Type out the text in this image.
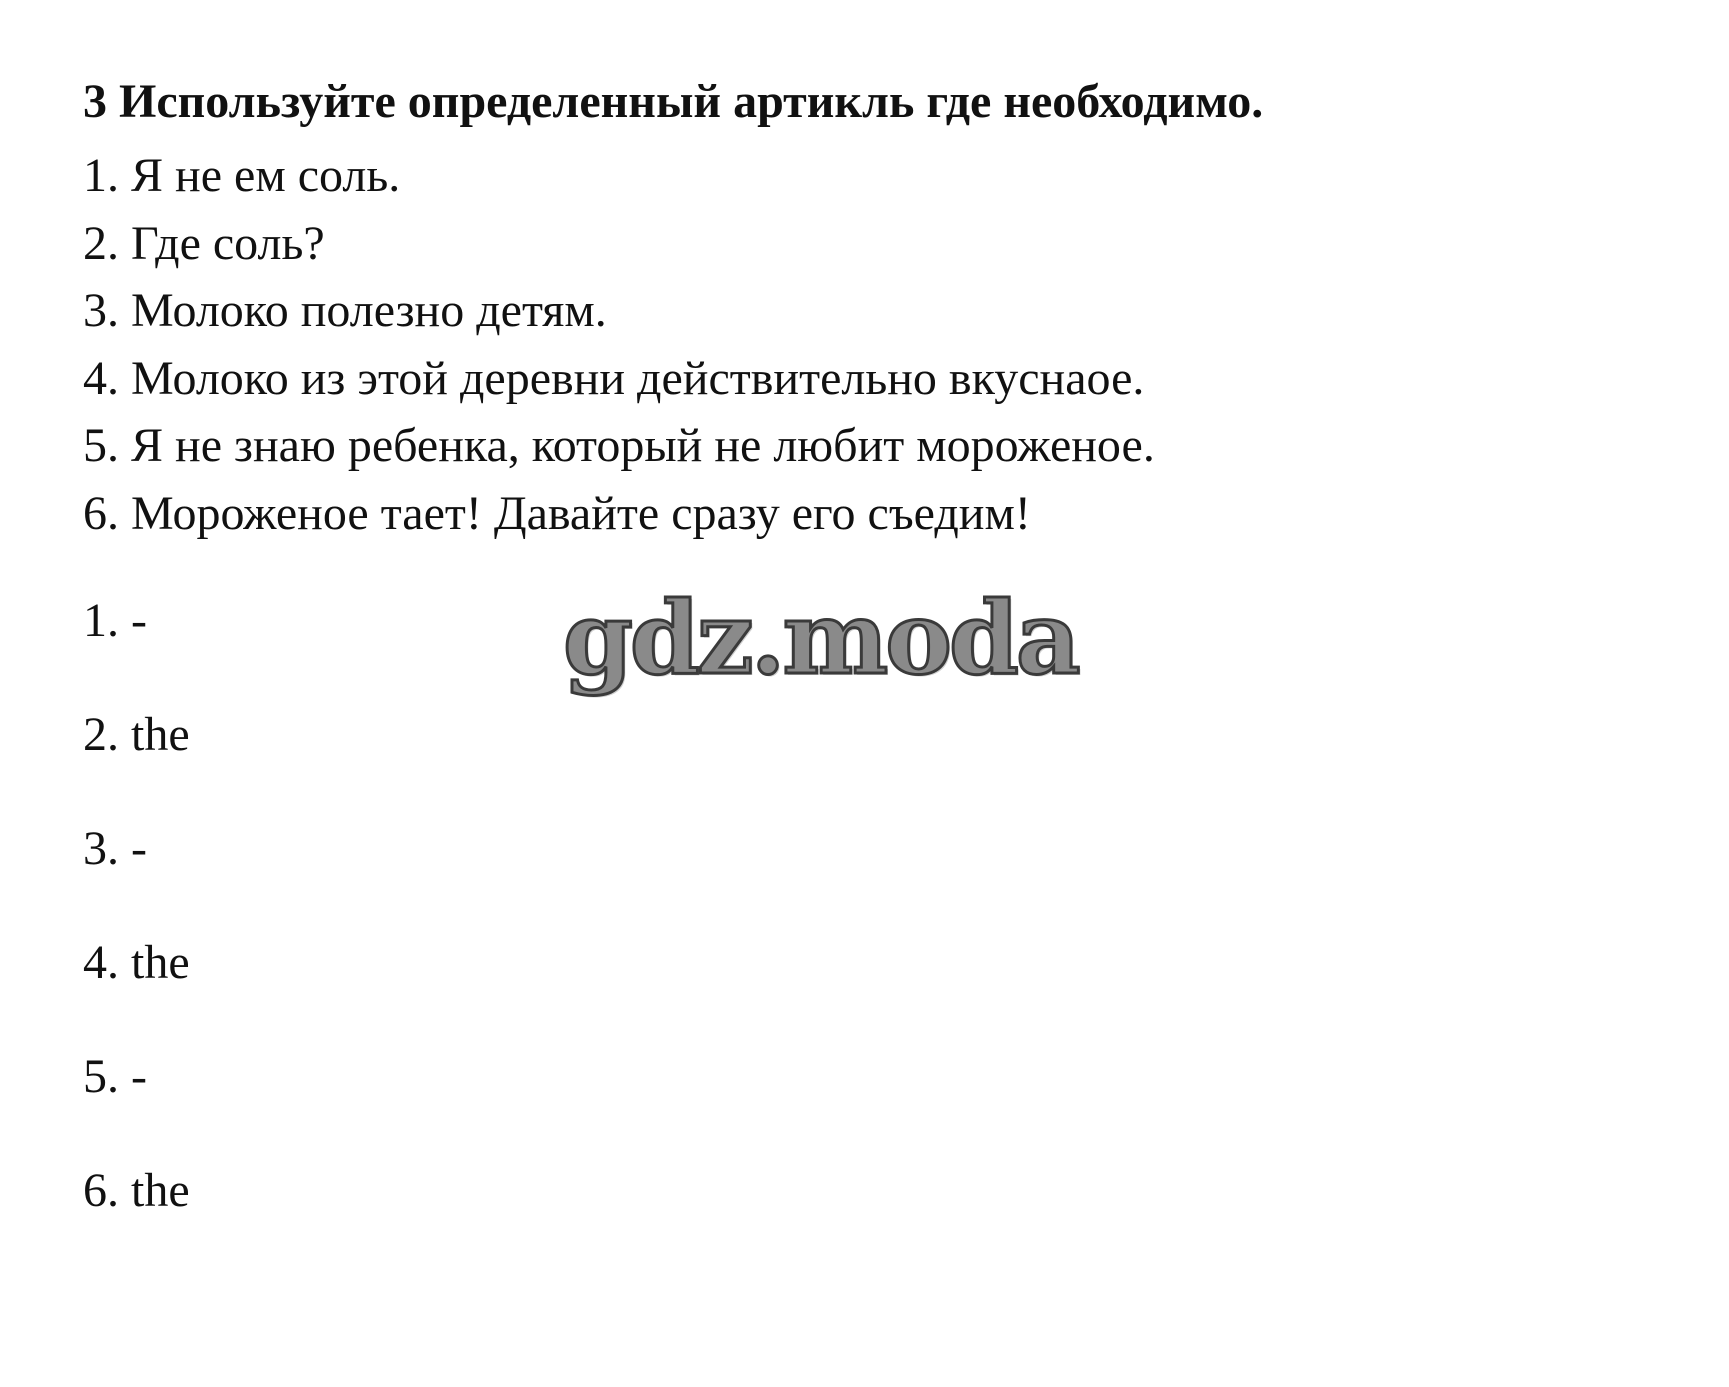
3 Используйте определенный артикль где необходимо.
1. Я не ем соль.
2. Где соль?
3. Молоко полезно детям.
4. Молоко из этой деревни действительно вкуснаое.
5. Я не знаю ребенка, который не любит мороженое.
6. Мороженое тает! Давайте сразу его съедим!
gdz.moda
1. -
2. the
3. -
4. the
5. -
6. the
